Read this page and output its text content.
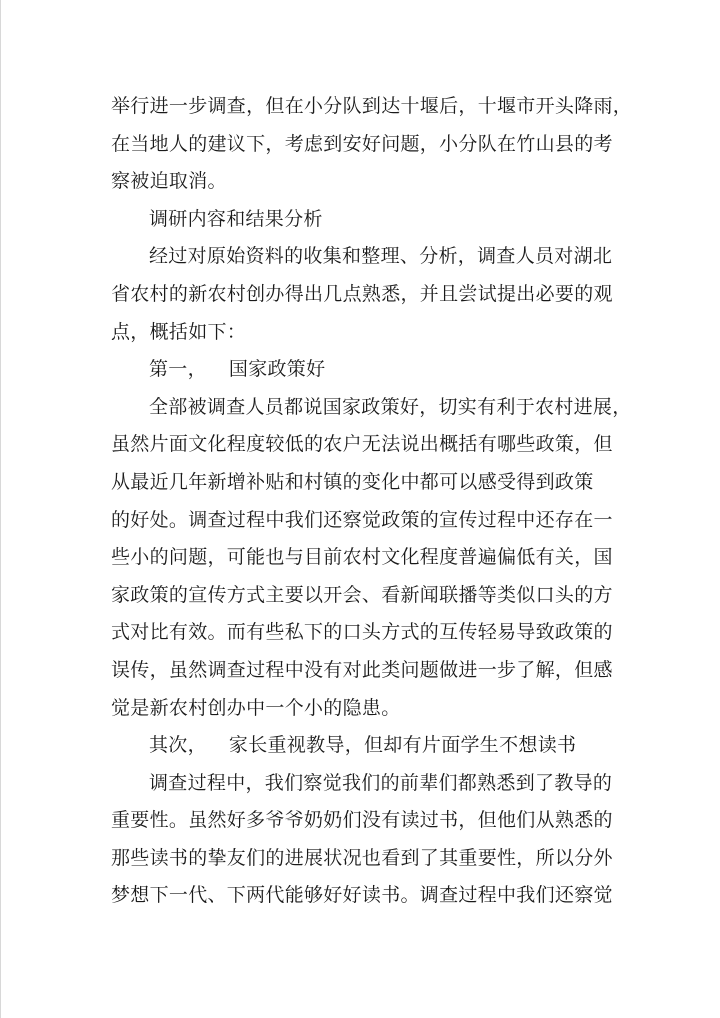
举行进一步调查，但在小分队到达十堰后，十堰市开头降雨，
在当地人的建议下，考虑到安好问题，小分队在竹山县的考
察被迫取消。
调研内容和结果分析
经过对原始资料的收集和整理、分析，调查人员对湖北
省农村的新农村创办得出几点熟悉，并且尝试提出必要的观
点，概括如下：
第一， 国家政策好
全部被调查人员都说国家政策好，切实有利于农村进展，
虽然片面文化程度较低的农户无法说出概括有哪些政策，但
从最近几年新增补贴和村镇的变化中都可以感受得到政策
的好处。调查过程中我们还察觉政策的宣传过程中还存在一
些小的问题，可能也与目前农村文化程度普遍偏低有关，国
家政策的宣传方式主要以开会、看新闻联播等类似口头的方
式对比有效。而有些私下的口头方式的互传轻易导致政策的
误传，虽然调查过程中没有对此类问题做进一步了解，但感
觉是新农村创办中一个小的隐患。
其次， 家长重视教导，但却有片面学生不想读书
调查过程中，我们察觉我们的前辈们都熟悉到了教导的
重要性。虽然好多爷爷奶奶们没有读过书，但他们从熟悉的
那些读书的挚友们的进展状况也看到了其重要性，所以分外
梦想下一代、下两代能够好好读书。调查过程中我们还察觉
